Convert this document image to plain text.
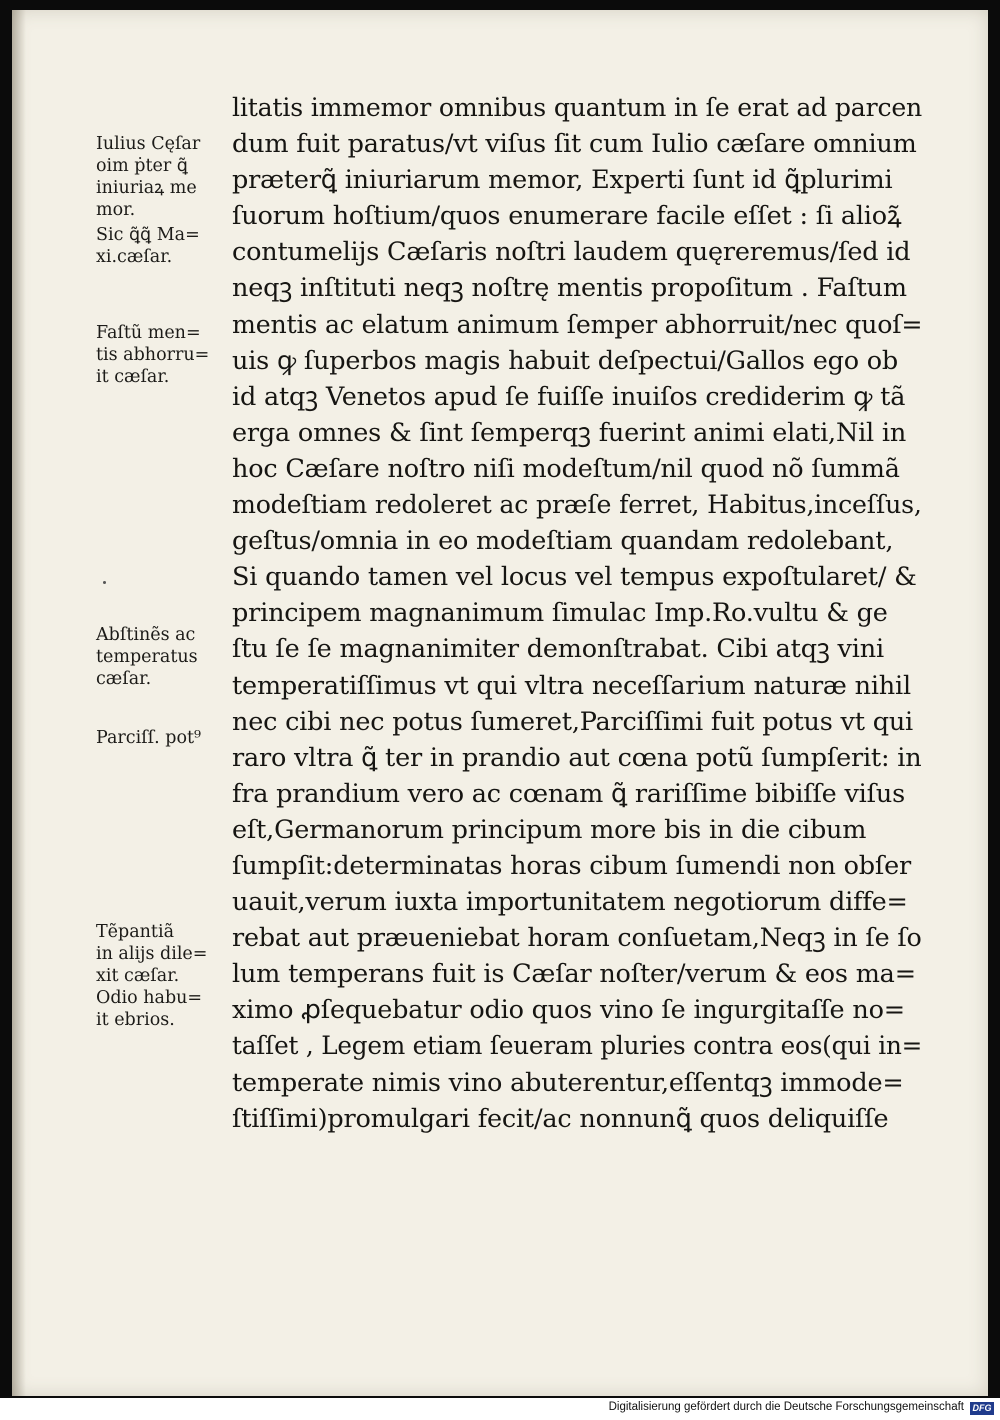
litatis immemor omnibus quantum in ſe erat ad parcen
dum fuit paratus/vt viſus ſit cum Iulio cæſare omnium
præterꝗ̃ iniuriarum memor, Experti ſunt id ꝗ̃plurimi
ſuorum hoſtium/quos enumerare facile eſſet : ſi alioꝝ̃
contumelijs Cæſaris noſtri laudem quęreremus/ſed id
neqꝫ inſtituti neqꝫ noſtrę mentis propoſitum . Faſtum
mentis ac elatum animum ſemper abhorruit/nec quoſ=
uis ꝙ ſuperbos magis habuit deſpectui/Gallos ego ob
id atqꝫ Venetos apud ſe fuiſſe inuiſos crediderim ꝙ tã
erga omnes & ſint ſemperqꝫ fuerint animi elati,Nil in
hoc Cæſare noſtro niſi modeſtum/nil quod nõ ſummã
modeſtiam redoleret ac præſe ferret, Habitus,inceſſus,
geſtus/omnia in eo modeſtiam quandam redolebant,
Si quando tamen vel locus vel tempus expoſtularet/ &
principem magnanimum ſimulac Imp.Ro.vultu & ge
ſtu ſe ſe magnanimiter demonſtrabat. Cibi atqꝫ vini
temperatiſſimus vt qui vltra neceſſarium naturæ nihil
nec cibi nec potus ſumeret,Parciſſimi fuit potus vt qui
raro vltra ꝗ̃ ter in prandio aut cœna potũ ſumpſerit: in
fra prandium vero ac cœnam ꝗ̃ rariſſime bibiſſe viſus
eſt,Germanorum principum more bis in die cibum
ſumpſit:determinatas horas cibum ſumendi non obſer
uauit,verum iuxta importunitatem negotiorum diffe=
rebat aut præueniebat horam conſuetam,Neqꝫ in ſe ſo
lum temperans fuit is Cæſar noſter/verum & eos ma=
ximo ꝓſequebatur odio quos vino ſe ingurgitaſſe no=
taſſet , Legem etiam ſeueram pluries contra eos(qui in=
temperate nimis vino abuterentur,eſſentqꝫ immode=
ſtiſſimi)promulgari fecit/ac nonnunꝗ̃ quos deliquiſſe
Iulius Cęſar
oim ṗter ꝗ̃
iniuriaꝝ me
mor.
Sic ꝗ̃ꝗ̃ Ma=
xi.cæſar.
Faſtũ men=
tis abhorru=
it cæſar.
Abſtinẽs ac
temperatus
cæſar.
Parciſſ. pot⁹
Tẽpantiã
in alijs dile=
xit cæſar.
Odio habu=
it ebrios.
Digitalisierung gefördert durch die Deutsche Forschungsgemeinschaft DFG
